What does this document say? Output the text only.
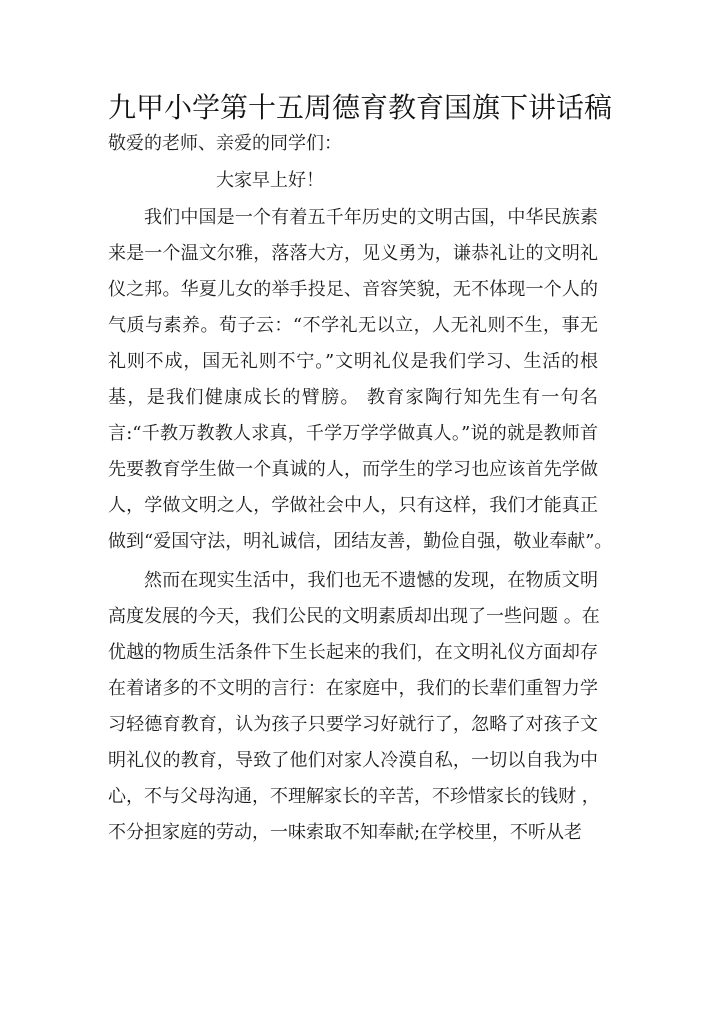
九甲小学第十五周德育教育国旗下讲话稿
敬爱的老师、亲爱的同学们：
大家早上好！
我们中国是一个有着五千年历史的文明古国，中华民族素
来是一个温文尔雅，落落大方，见义勇为，谦恭礼让的文明礼
仪之邦。华夏儿女的举手投足、音容笑貌，无不体现一个人的
气质与素养。荀子云：“不学礼无以立，人无礼则不生，事无
礼则不成，国无礼则不宁。”文明礼仪是我们学习、生活的根
基，是我们健康成长的臂膀。 教育家陶行知先生有一句名
言:“千教万教教人求真，千学万学学做真人。”说的就是教师首
先要教育学生做一个真诚的人，而学生的学习也应该首先学做
人，学做文明之人，学做社会中人，只有这样，我们才能真正
做到“爱国守法，明礼诚信，团结友善，勤俭自强，敬业奉献”。
然而在现实生活中，我们也无不遗憾的发现，在物质文明
高度发展的今天，我们公民的文明素质却出现了一些问题 。在
优越的物质生活条件下生长起来的我们，在文明礼仪方面却存
在着诸多的不文明的言行：在家庭中，我们的长辈们重智力学
习轻德育教育，认为孩子只要学习好就行了，忽略了对孩子文
明礼仪的教育，导致了他们对家人冷漠自私，一切以自我为中
心，不与父母沟通，不理解家长的辛苦，不珍惜家长的钱财 ，
不分担家庭的劳动，一味索取不知奉献;在学校里，不听从老
